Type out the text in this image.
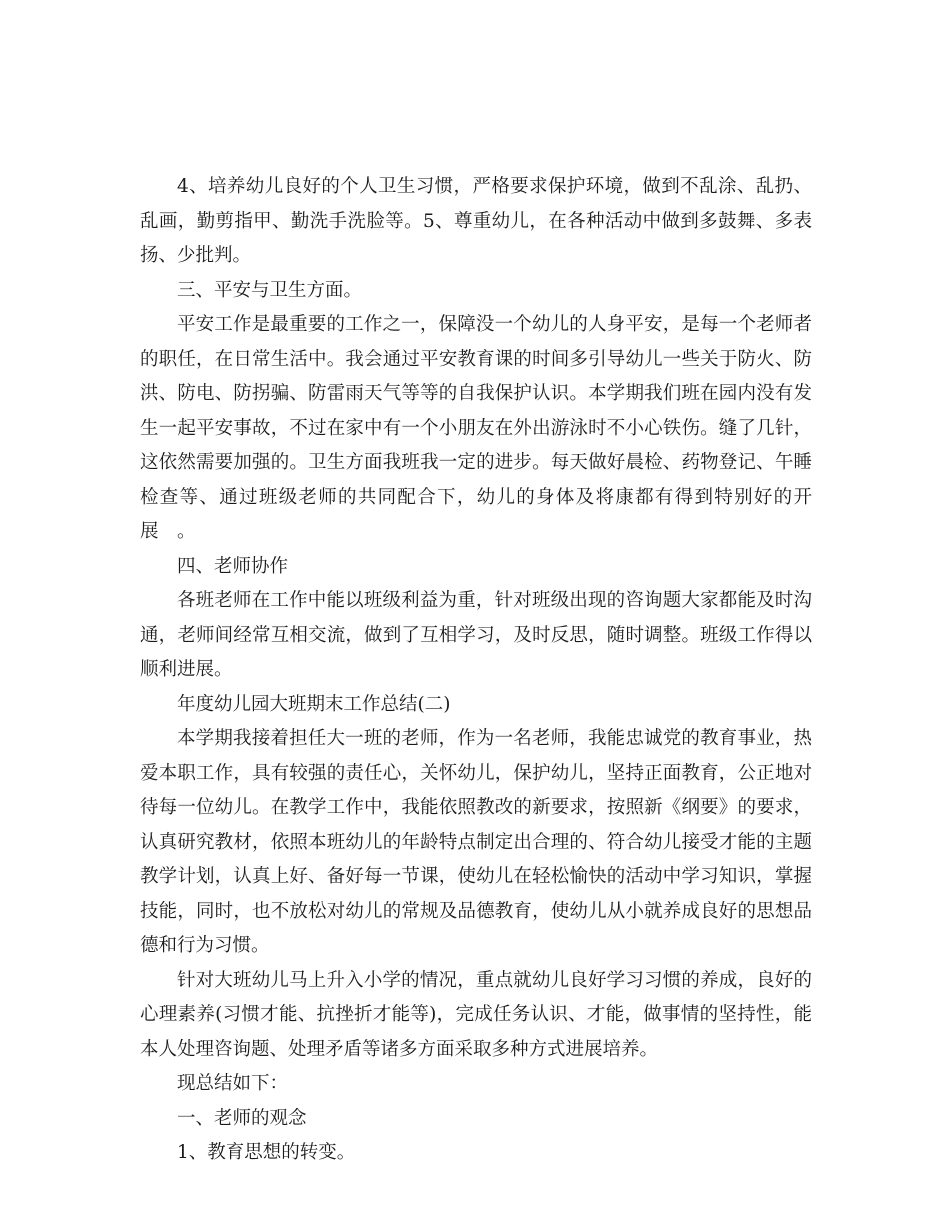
4、培养幼儿良好的个人卫生习惯，严格要求保护环境，做到不乱涂、乱扔、乱画，勤剪指甲、勤洗手洗脸等。5、尊重幼儿，在各种活动中做到多鼓舞、多表扬、少批判。

三、平安与卫生方面。

平安工作是最重要的工作之一，保障没一个幼儿的人身平安，是每一个老师者的职任，在日常生活中。我会通过平安教育课的时间多引导幼儿一些关于防火、防洪、防电、防拐骗、防雷雨天气等等的自我保护认识。本学期我们班在园内没有发生一起平安事故，不过在家中有一个小朋友在外出游泳时不小心铁伤。缝了几针，这依然需要加强的。卫生方面我班我一定的进步。每天做好晨检、药物登记、午睡检查等、通过班级老师的共同配合下，幼儿的身体及将康都有得到特别好的开展　。

四、老师协作

各班老师在工作中能以班级利益为重，针对班级出现的咨询题大家都能及时沟通，老师间经常互相交流，做到了互相学习，及时反思，随时调整。班级工作得以顺利进展。

年度幼儿园大班期末工作总结(二)

本学期我接着担任大一班的老师，作为一名老师，我能忠诚党的教育事业，热爱本职工作，具有较强的责任心，关怀幼儿，保护幼儿，坚持正面教育，公正地对待每一位幼儿。在教学工作中，我能依照教改的新要求，按照新《纲要》的要求，认真研究教材，依照本班幼儿的年龄特点制定出合理的、符合幼儿接受才能的主题教学计划，认真上好、备好每一节课，使幼儿在轻松愉快的活动中学习知识，掌握技能，同时，也不放松对幼儿的常规及品德教育，使幼儿从小就养成良好的思想品德和行为习惯。

针对大班幼儿马上升入小学的情况，重点就幼儿良好学习习惯的养成，良好的心理素养(习惯才能、抗挫折才能等)，完成任务认识、才能，做事情的坚持性，能本人处理咨询题、处理矛盾等诸多方面采取多种方式进展培养。

现总结如下：

一、老师的观念

1、教育思想的转变。
